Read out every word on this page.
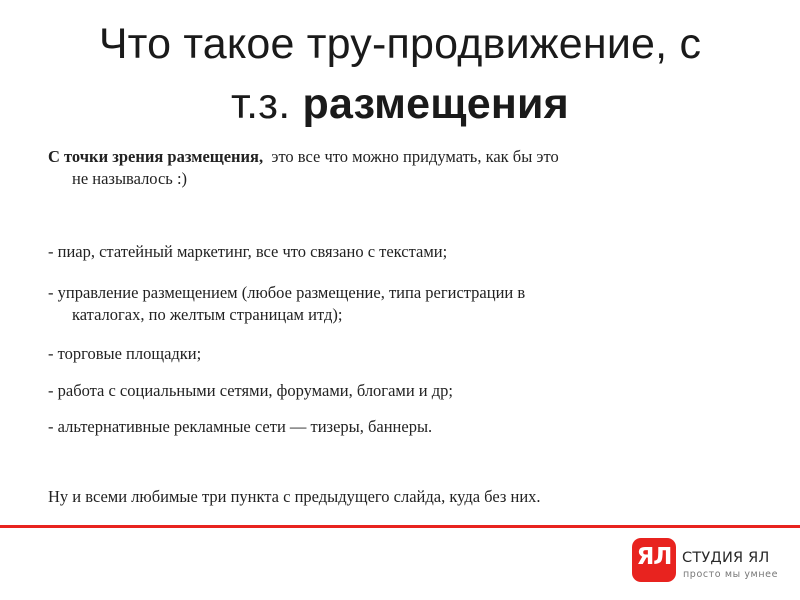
Что такое тру-продвижение, с
т.з. размещения

С точки зрения размещения, это все что можно придумать, как бы это
не называлось :)

- пиар, статейный маркетинг, все что связано с текстами;

- управление размещением (любое размещение, типа регистрации в
каталогах, по желтым страницам итд);

- торговые площадки;

- работа с социальными сетями, форумами, блогами и др;

- альтернативные рекламные сети — тизеры, баннеры.

Ну и всеми любимые три пункта с предыдущего слайда, куда без них.

ЯЛ СТУДИЯ ЯЛ
просто мы умнее
